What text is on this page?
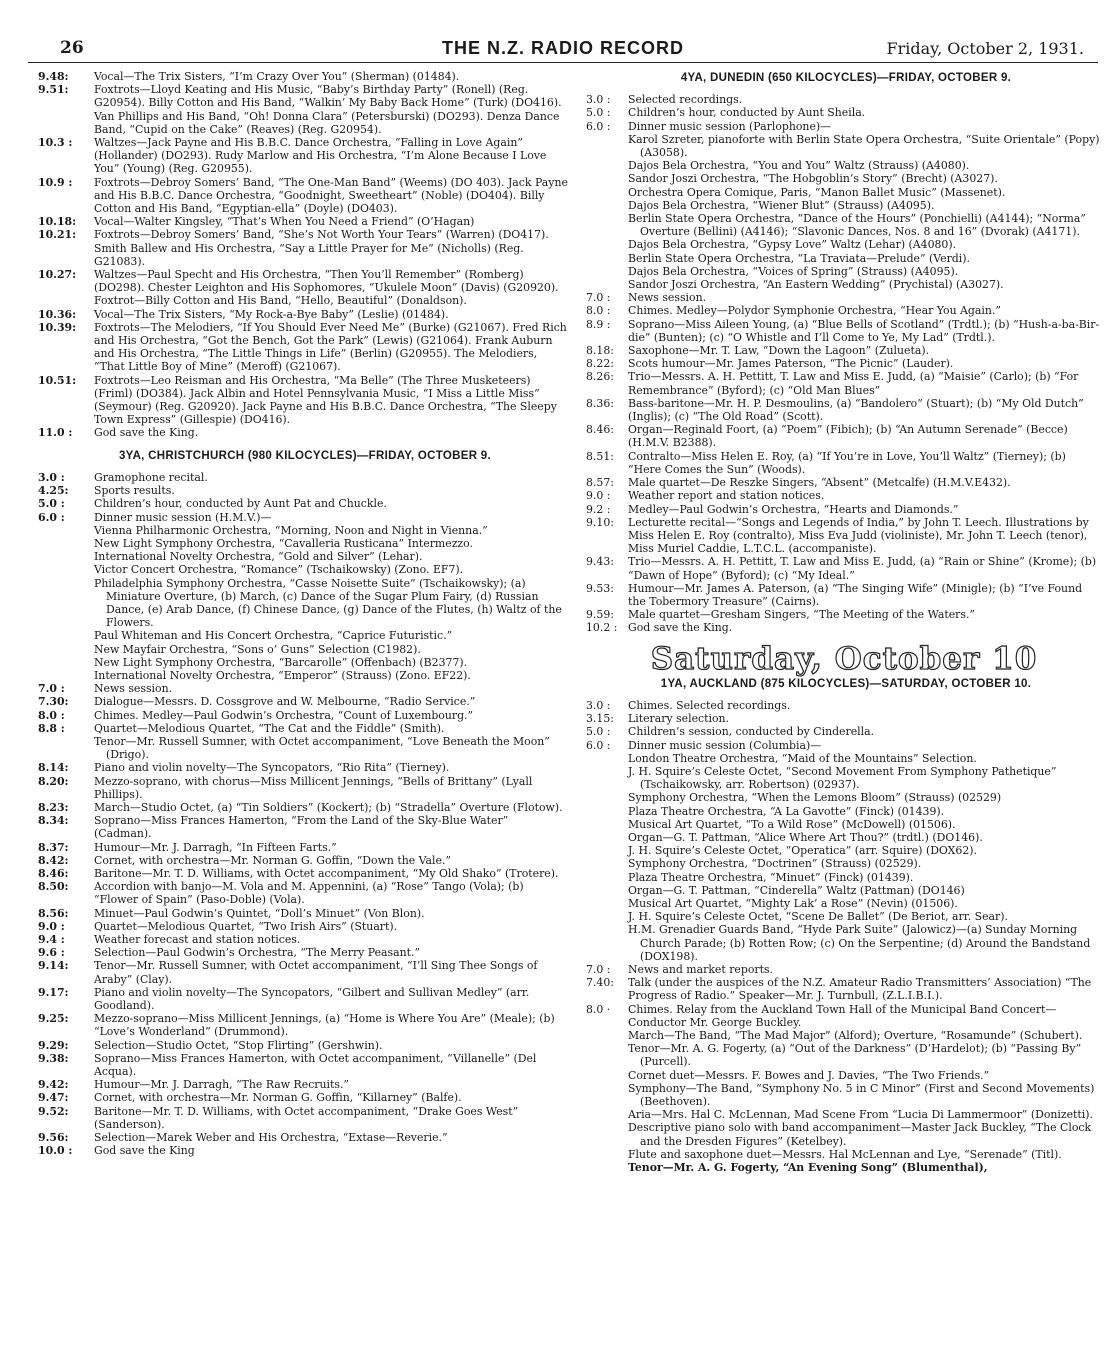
26	THE N.Z. RADIO RECORD	Friday, October 2, 1931.
9.48:	Vocal—The Trix Sisters, “I’m Crazy Over You” (Sherman) (01484).
9.51:	Foxtrots—Lloyd Keating and His Music, “Baby’s Birthday Party” (Ronell) (Reg. G20954). Billy Cotton and His Band, “Walkin’ My Baby Back Home” (Turk) (DO416). Van Phillips and His Band, “Oh! Donna Clara” (Petersburski) (DO293). Denza Dance Band, “Cupid on the Cake” (Reaves) (Reg. G20954).
10.3 :	Waltzes—Jack Payne and His B.B.C. Dance Orchestra, “Falling in Love Again” (Hollander) (DO293). Rudy Marlow and His Orchestra, “I’m Alone Because I Love You” (Young) (Reg. G20955).
10.9 :	Foxtrots—Debroy Somers’ Band, “The One-Man Band” (Weems) (DO 403). Jack Payne and His B.B.C. Dance Orchestra, “Goodnight, Sweetheart” (Noble) (DO404). Billy Cotton and His Band, “Egyptian-ella” (Doyle) (DO403).
10.18:	Vocal—Walter Kingsley, “That’s When You Need a Friend” (O’Hagan)
10.21:	Foxtrots—Debroy Somers’ Band, “She’s Not Worth Your Tears” (Warren) (DO417). Smith Ballew and His Orchestra, “Say a Little Prayer for Me” (Nicholls) (Reg. G21083).
10.27:	Waltzes—Paul Specht and His Orchestra, “Then You’ll Remember” (Romberg) (DO298). Chester Leighton and His Sophomores, “Ukulele Moon” (Davis) (G20920).
Foxtrot—Billy Cotton and His Band, “Hello, Beautiful” (Donaldson).
10.36:	Vocal—The Trix Sisters, “My Rock-a-Bye Baby” (Leslie) (01484).
10.39:	Foxtrots—The Melodiers, “If You Should Ever Need Me” (Burke) (G21067). Fred Rich and His Orchestra, “Got the Bench, Got the Park” (Lewis) (G21064). Frank Auburn and His Orchestra, “The Little Things in Life” (Berlin) (G20955). The Melodiers, “That Little Boy of Mine” (Meroff) (G21067).
10.51:	Foxtrots—Leo Reisman and His Orchestra, “Ma Belle” (The Three Musketeers) (Friml) (DO384). Jack Albin and Hotel Pennsylvania Music, “I Miss a Little Miss” (Seymour) (Reg. G20920). Jack Payne and His B.B.C. Dance Orchestra, “The Sleepy Town Express” (Gillespie) (DO416).
11.0 :	God save the King.
3YA, CHRISTCHURCH (980 KILOCYCLES)—FRIDAY, OCTOBER 9.
3.0 :	Gramophone recital.
4.25:	Sports results.
5.0 :	Children’s hour, conducted by Aunt Pat and Chuckle.
6.0 :	Dinner music session (H.M.V.)—
Vienna Philharmonic Orchestra, “Morning, Noon and Night in Vienna.”
New Light Symphony Orchestra, “Cavalleria Rusticana” Intermezzo.
International Novelty Orchestra, “Gold and Silver” (Lehar).
Victor Concert Orchestra, “Romance” (Tschaikowsky) (Zono. EF7).
Philadelphia Symphony Orchestra, “Casse Noisette Suite” (Tschaikowsky); (a) Miniature Overture, (b) March, (c) Dance of the Sugar Plum Fairy, (d) Russian Dance, (e) Arab Dance, (f) Chinese Dance, (g) Dance of the Flutes, (h) Waltz of the Flowers.
Paul Whiteman and His Concert Orchestra, “Caprice Futuristic.”
New Mayfair Orchestra, “Sons o’ Guns” Selection (C1982).
New Light Symphony Orchestra, “Barcarolle” (Offenbach) (B2377).
International Novelty Orchestra, “Emperor” (Strauss) (Zono. EF22).
7.0 :	News session.
7.30:	Dialogue—Messrs. D. Cossgrove and W. Melbourne, “Radio Service.”
8.0 :	Chimes. Medley—Paul Godwin’s Orchestra, “Count of Luxembourg.”
8.8 :	Quartet—Melodious Quartet, “The Cat and the Fiddle” (Smith).
Tenor—Mr. Russell Sumner, with Octet accompaniment, “Love Beneath the Moon” (Drigo).
8.14:	Piano and violin novelty—The Syncopators, “Rio Rita” (Tierney).
8.20:	Mezzo-soprano, with chorus—Miss Millicent Jennings, “Bells of Brittany” (Lyall Phillips).
8.23:	March—Studio Octet, (a) “Tin Soldiers” (Kockert); (b) “Stradella” Overture (Flotow).
8.34:	Soprano—Miss Frances Hamerton, “From the Land of the Sky-Blue Water” (Cadman).
8.37:	Humour—Mr. J. Darragh, “In Fifteen Farts.”
8.42:	Cornet, with orchestra—Mr. Norman G. Goffin, “Down the Vale.”
8.46:	Baritone—Mr. T. D. Williams, with Octet accompaniment, “My Old Shako” (Trotere).
8.50:	Accordion with banjo—M. Vola and M. Appennini, (a) “Rose” Tango (Vola); (b) “Flower of Spain” (Paso-Doble) (Vola).
8.56:	Minuet—Paul Godwin’s Quintet, “Doll’s Minuet” (Von Blon).
9.0 :	Quartet—Melodious Quartet, “Two Irish Airs” (Stuart).
9.4 :	Weather forecast and station notices.
9.6 :	Selection—Paul Godwin’s Orchestra, “The Merry Peasant.”
9.14:	Tenor—Mr. Russell Sumner, with Octet accompaniment, “I’ll Sing Thee Songs of Araby” (Clay).
9.17:	Piano and violin novelty—The Syncopators, “Gilbert and Sullivan Medley” (arr. Goodland).
9.25:	Mezzo-soprano—Miss Millicent Jennings, (a) “Home is Where You Are” (Meale); (b) “Love’s Wonderland” (Drummond).
9.29:	Selection—Studio Octet, “Stop Flirting” (Gershwin).
9.38:	Soprano—Miss Frances Hamerton, with Octet accompaniment, “Villanelle” (Del Acqua).
9.42:	Humour—Mr. J. Darragh, “The Raw Recruits.”
9.47:	Cornet, with orchestra—Mr. Norman G. Goffin, “Killarney” (Balfe).
9.52:	Baritone—Mr. T. D. Williams, with Octet accompaniment, “Drake Goes West” (Sanderson).
9.56:	Selection—Marek Weber and His Orchestra, “Extase—Reverie.”
10.0 :	God save the King
4YA, DUNEDIN (650 KILOCYCLES)—FRIDAY, OCTOBER 9.
3.0 :	Selected recordings.
5.0 :	Children’s hour, conducted by Aunt Sheila.
6.0 :	Dinner music session (Parlophone)—
Karol Szreter, pianoforte with Berlin State Opera Orchestra, “Suite Orientale” (Popy) (A3058).
Dajos Bela Orchestra, “You and You” Waltz (Strauss) (A4080).
Sandor Joszi Orchestra, “The Hobgoblin’s Story” (Brecht) (A3027).
Orchestra Opera Comique, Paris, “Manon Ballet Music” (Massenet).
Dajos Bela Orchestra, “Wiener Blut” (Strauss) (A4095).
Berlin State Opera Orchestra, “Dance of the Hours” (Ponchielli) (A4144); “Norma” Overture (Bellini) (A4146); “Slavonic Dances, Nos. 8 and 16” (Dvorak) (A4171).
Dajos Bela Orchestra, “Gypsy Love” Waltz (Lehar) (A4080).
Berlin State Opera Orchestra, “La Traviata—Prelude” (Verdi).
Dajos Bela Orchestra, “Voices of Spring” (Strauss) (A4095).
Sandor Joszi Orchestra, “An Eastern Wedding” (Prychistal) (A3027).
7.0 :	News session.
8.0 :	Chimes. Medley—Polydor Symphonie Orchestra, “Hear You Again.”
8.9 :	Soprano—Miss Aileen Young, (a) “Blue Bells of Scotland” (Trdtl.); (b) “Hush-a-ba-Bir-die” (Bunten); (c) “O Whistle and I’ll Come to Ye, My Lad” (Trdtl.).
8.18:	Saxophone—Mr. T. Law, “Down the Lagoon” (Zulueta).
8.22:	Scots humour—Mr. James Paterson, “The Picnic” (Lauder).
8.26:	Trio—Messrs. A. H. Pettitt, T. Law and Miss E. Judd, (a) “Maisie” (Carlo); (b) “For Remembrance” (Byford); (c) “Old Man Blues”
8.36:	Bass-baritone—Mr. H. P. Desmoulins, (a) “Bandolero” (Stuart); (b) “My Old Dutch” (Inglis); (c) “The Old Road” (Scott).
8.46:	Organ—Reginald Foort, (a) “Poem” (Fibich); (b) “An Autumn Serenade” (Becce) (H.M.V. B2388).
8.51:	Contralto—Miss Helen E. Roy, (a) “If You’re in Love, You’ll Waltz” (Tierney); (b) “Here Comes the Sun” (Woods).
8.57:	Male quartet—De Reszke Singers, “Absent” (Metcalfe) (H.M.V.E432).
9.0 :	Weather report and station notices.
9.2 :	Medley—Paul Godwin’s Orchestra, “Hearts and Diamonds.”
9.10:	Lecturette recital—“Songs and Legends of India,” by John T. Leech. Illustrations by Miss Helen E. Roy (contralto), Miss Eva Judd (violiniste), Mr. John T. Leech (tenor), Miss Muriel Caddie, L.T.C.L. (accompaniste).
9.43:	Trio—Messrs. A. H. Pettitt, T. Law and Miss E. Judd, (a) “Rain or Shine” (Krome); (b) “Dawn of Hope” (Byford); (c) “My Ideal.”
9.53:	Humour—Mr. James A. Paterson, (a) “The Singing Wife” (Minigle); (b) “I’ve Found the Tobermory Treasure” (Cairns).
9.59:	Male quartet—Gresham Singers, “The Meeting of the Waters.”
10.2 : God save the King.
Saturday, October 10
1YA, AUCKLAND (875 KILOCYCLES)—SATURDAY, OCTOBER 10.
3.0 :	Chimes. Selected recordings.
3.15:	Literary selection.
5.0 :	Children’s session, conducted by Cinderella.
6.0 :	Dinner music session (Columbia)—
London Theatre Orchestra, “Maid of the Mountains” Selection.
J. H. Squire’s Celeste Octet, “Second Movement From Symphony Pathetique” (Tschaikowsky, arr. Robertson) (02937).
Symphony Orchestra, “When the Lemons Bloom” (Strauss) (02529)
Plaza Theatre Orchestra, “A La Gavotte” (Finck) (01439).
Musical Art Quartet, “To a Wild Rose” (McDowell) (01506).
Organ—G. T. Pattman, “Alice Where Art Thou?” (trdtl.) (DO146).
J. H. Squire’s Celeste Octet, “Operatica” (arr. Squire) (DOX62).
Symphony Orchestra, “Doctrinen” (Strauss) (02529).
Plaza Theatre Orchestra, “Minuet” (Finck) (01439).
Organ—G. T. Pattman, “Cinderella” Waltz (Pattman) (DO146)
Musical Art Quartet, “Mighty Lak’ a Rose” (Nevin) (01506).
J. H. Squire’s Celeste Octet, “Scene De Ballet” (De Beriot, arr. Sear).
H.M. Grenadier Guards Band, “Hyde Park Suite” (Jalowicz)—(a) Sunday Morning Church Parade; (b) Rotten Row; (c) On the Serpentine; (d) Around the Bandstand (DOX198).
7.0 :	News and market reports.
7.40:	Talk (under the auspices of the N.Z. Amateur Radio Transmitters’ Association) “The Progress of Radio.” Speaker—Mr. J. Turnbull, (Z.L.I.B.I.).
8.0 ·	Chimes. Relay from the Auckland Town Hall of the Municipal Band Concert—Conductor Mr. George Buckley.
March—The Band, “The Mad Major” (Alford); Overture, “Rosamunde” (Schubert).
Tenor—Mr. A. G. Fogerty, (a) “Out of the Darkness” (D’Hardelot); (b) “Passing By” (Purcell).
Cornet duet—Messrs. F. Bowes and J. Davies, “The Two Friends.”
Symphony—The Band, “Symphony No. 5 in C Minor” (First and Second Movements) (Beethoven).
Aria—Mrs. Hal C. McLennan, Mad Scene From “Lucia Di Lammermoor” (Donizetti).
Descriptive piano solo with band accompaniment—Master Jack Buckley, “The Clock and the Dresden Figures” (Ketelbey).
Flute and saxophone duet—Messrs. Hal McLennan and Lye, “Serenade” (Titl).
Tenor—Mr. A. G. Fogerty, “An Evening Song” (Blumenthal),
